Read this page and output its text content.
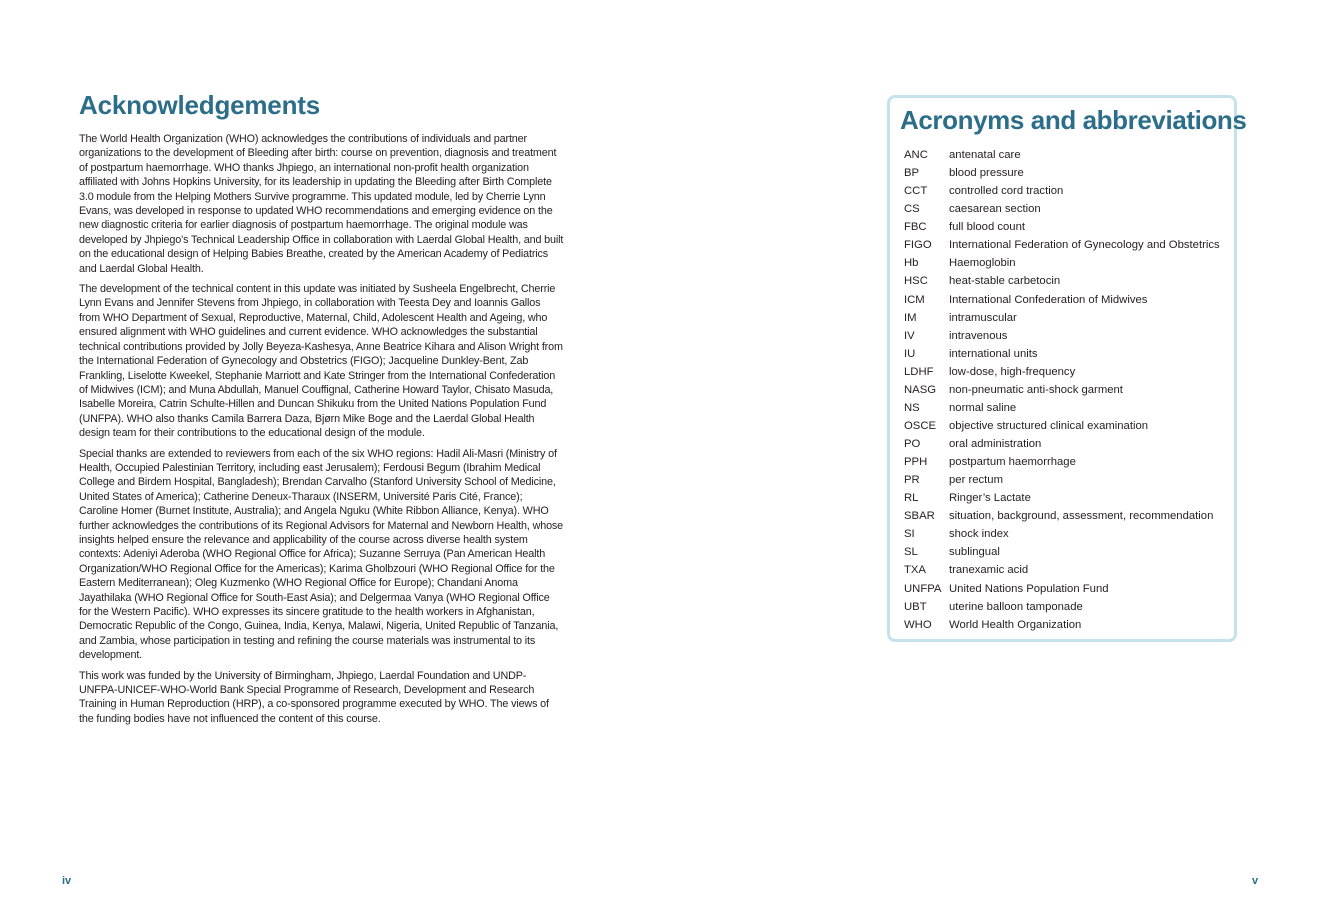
Acknowledgements

The World Health Organization (WHO) acknowledges the contributions of individuals and partner organizations to the development of Bleeding after birth: course on prevention, diagnosis and treatment of postpartum haemorrhage. WHO thanks Jhpiego, an international non-profit health organization affiliated with Johns Hopkins University, for its leadership in updating the Bleeding after Birth Complete 3.0 module from the Helping Mothers Survive programme. This updated module, led by Cherrie Lynn Evans, was developed in response to updated WHO recommendations and emerging evidence on the new diagnostic criteria for earlier diagnosis of postpartum haemorrhage. The original module was developed by Jhpiego’s Technical Leadership Office in collaboration with Laerdal Global Health, and built on the educational design of Helping Babies Breathe, created by the American Academy of Pediatrics and Laerdal Global Health.

The development of the technical content in this update was initiated by Susheela Engelbrecht, Cherrie Lynn Evans and Jennifer Stevens from Jhpiego, in collaboration with Teesta Dey and Ioannis Gallos from WHO Department of Sexual, Reproductive, Maternal, Child, Adolescent Health and Ageing, who ensured alignment with WHO guidelines and current evidence. WHO acknowledges the substantial technical contributions provided by Jolly Beyeza-Kashesya, Anne Beatrice Kihara and Alison Wright from the International Federation of Gynecology and Obstetrics (FIGO); Jacqueline Dunkley-Bent, Zab Frankling, Liselotte Kweekel, Stephanie Marriott and Kate Stringer from the International Confederation of Midwives (ICM); and Muna Abdullah, Manuel Couffignal, Catherine Howard Taylor, Chisato Masuda, Isabelle Moreira, Catrin Schulte-Hillen and Duncan Shikuku from the United Nations Population Fund (UNFPA). WHO also thanks Camila Barrera Daza, Bjørn Mike Boge and the Laerdal Global Health design team for their contributions to the educational design of the module.

Special thanks are extended to reviewers from each of the six WHO regions: Hadil Ali-Masri (Ministry of Health, Occupied Palestinian Territory, including east Jerusalem); Ferdousi Begum (Ibrahim Medical College and Birdem Hospital, Bangladesh); Brendan Carvalho (Stanford University School of Medicine, United States of America); Catherine Deneux-Tharaux (INSERM, Université Paris Cité, France); Caroline Homer (Burnet Institute, Australia); and Angela Nguku (White Ribbon Alliance, Kenya). WHO further acknowledges the contributions of its Regional Advisors for Maternal and Newborn Health, whose insights helped ensure the relevance and applicability of the course across diverse health system contexts: Adeniyi Aderoba (WHO Regional Office for Africa); Suzanne Serruya (Pan American Health Organization/WHO Regional Office for the Americas); Karima Gholbzouri (WHO Regional Office for the Eastern Mediterranean); Oleg Kuzmenko (WHO Regional Office for Europe); Chandani Anoma Jayathilaka (WHO Regional Office for South-East Asia); and Delgermaa Vanya (WHO Regional Office for the Western Pacific). WHO expresses its sincere gratitude to the health workers in Afghanistan, Democratic Republic of the Congo, Guinea, India, Kenya, Malawi, Nigeria, United Republic of Tanzania, and Zambia, whose participation in testing and refining the course materials was instrumental to its development.

This work was funded by the University of Birmingham, Jhpiego, Laerdal Foundation and UNDP-UNFPA-UNICEF-WHO-World Bank Special Programme of Research, Development and Research Training in Human Reproduction (HRP), a co-sponsored programme executed by WHO. The views of the funding bodies have not influenced the content of this course.

Acronyms and abbreviations
ANC	antenatal care
BP	blood pressure
CCT	controlled cord traction
CS	caesarean section
FBC	full blood count
FIGO	International Federation of Gynecology and Obstetrics
Hb	Haemoglobin
HSC	heat-stable carbetocin
ICM	International Confederation of Midwives
IM	intramuscular
IV	intravenous
IU	international units
LDHF	low-dose, high-frequency
NASG	non-pneumatic anti-shock garment
NS	normal saline
OSCE	objective structured clinical examination
PO	oral administration
PPH	postpartum haemorrhage
PR	per rectum
RL	Ringer’s Lactate
SBAR	situation, background, assessment, recommendation
SI	shock index
SL	sublingual
TXA	tranexamic acid
UNFPA United Nations Population Fund
UBT	uterine balloon tamponade
WHO	World Health Organization
iv	v
